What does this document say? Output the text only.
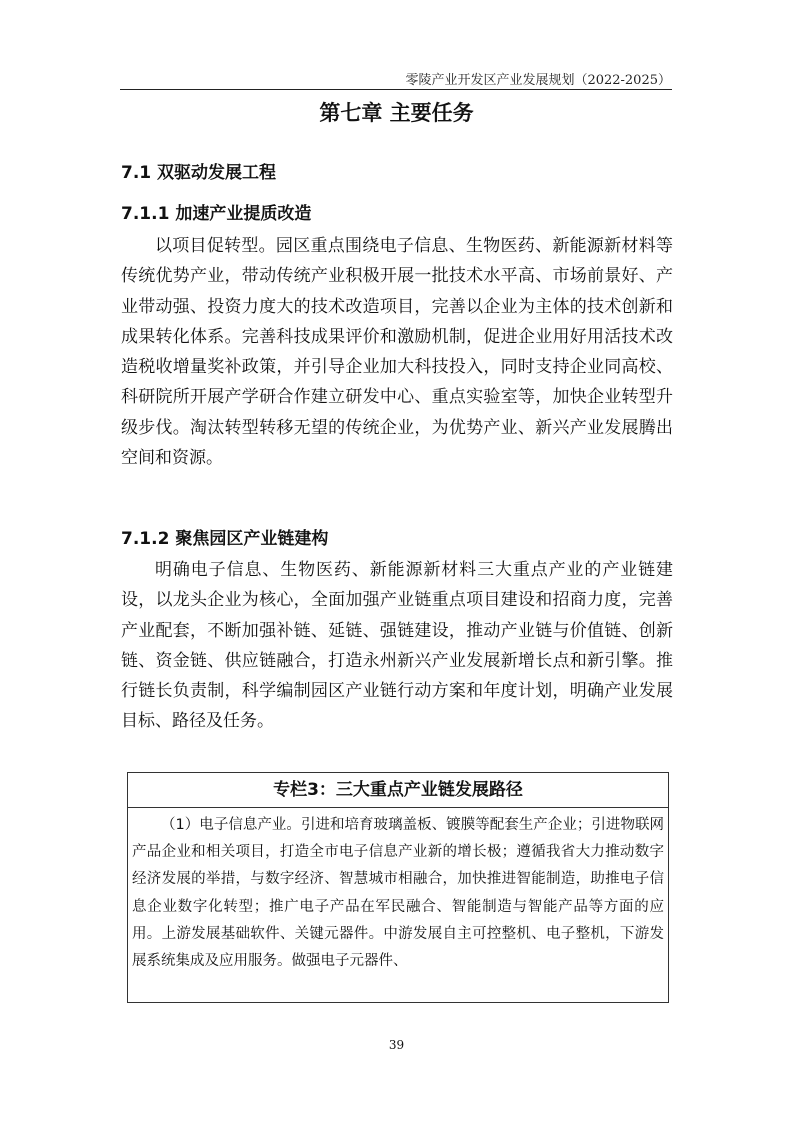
零陵产业开发区产业发展规划（2022-2025）
第七章 主要任务
7.1 双驱动发展工程
7.1.1 加速产业提质改造

以项目促转型。园区重点围绕电子信息、生物医药、新能源新材料等传统优势产业，带动传统产业积极开展一批技术水平高、市场前景好、产业带动强、投资力度大的技术改造项目，完善以企业为主体的技术创新和成果转化体系。完善科技成果评价和激励机制，促进企业用好用活技术改造税收增量奖补政策，并引导企业加大科技投入，同时支持企业同高校、科研院所开展产学研合作建立研发中心、重点实验室等，加快企业转型升级步伐。淘汰转型转移无望的传统企业，为优势产业、新兴产业发展腾出空间和资源。

7.1.2 聚焦园区产业链建构

明确电子信息、生物医药、新能源新材料三大重点产业的产业链建设，以龙头企业为核心，全面加强产业链重点项目建设和招商力度，完善产业配套，不断加强补链、延链、强链建设，推动产业链与价值链、创新链、资金链、供应链融合，打造永州新兴产业发展新增长点和新引擎。推行链长负责制，科学编制园区产业链行动方案和年度计划，明确产业发展目标、路径及任务。

专栏3：三大重点产业链发展路径
（1）电子信息产业。引进和培育玻璃盖板、镀膜等配套生产企业；引进物联网产品企业和相关项目，打造全市电子信息产业新的增长极；遵循我省大力推动数字经济发展的举措，与数字经济、智慧城市相融合，加快推进智能制造，助推电子信息企业数字化转型；推广电子产品在军民融合、智能制造与智能产品等方面的应用。上游发展基础软件、关键元器件。中游发展自主可控整机、电子整机，下游发展系统集成及应用服务。做强电子元器件、
39
